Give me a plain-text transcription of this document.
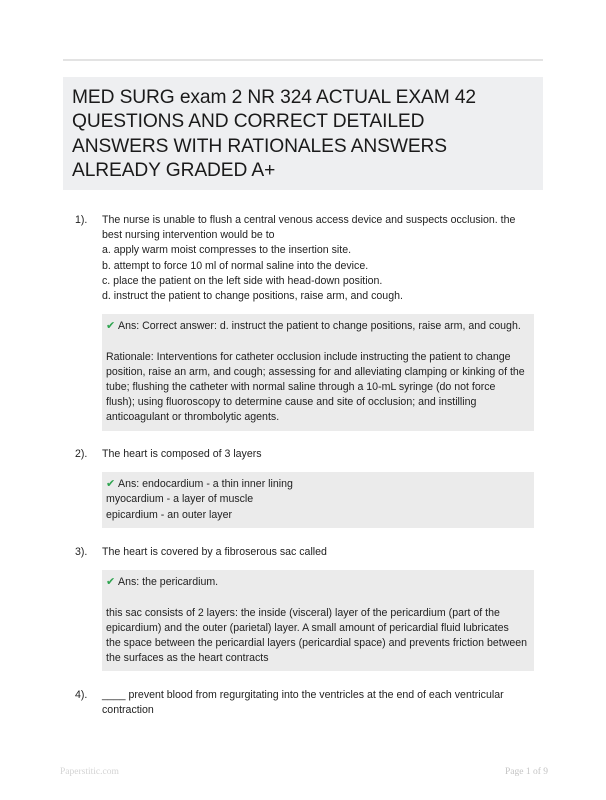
MED SURG exam 2 NR 324 ACTUAL EXAM 42
QUESTIONS AND CORRECT DETAILED
ANSWERS WITH RATIONALES ANSWERS
ALREADY GRADED A+
1). The nurse is unable to flush a central venous access device and suspects occlusion. the
best nursing intervention would be to
a. apply warm moist compresses to the insertion site.
b. attempt to force 10 ml of normal saline into the device.
c. place the patient on the left side with head-down position.
d. instruct the patient to change positions, raise arm, and cough.
✔ Ans: Correct answer: d. instruct the patient to change positions, raise arm, and cough.
Rationale: Interventions for catheter occlusion include instructing the patient to change
position, raise an arm, and cough; assessing for and alleviating clamping or kinking of the
tube; flushing the catheter with normal saline through a 10-mL syringe (do not force
flush); using fluoroscopy to determine cause and site of occlusion; and instilling
anticoagulant or thrombolytic agents.
2). The heart is composed of 3 layers
✔ Ans: endocardium - a thin inner lining
myocardium - a layer of muscle
epicardium - an outer layer
3). The heart is covered by a fibroserous sac called
✔ Ans: the pericardium.
this sac consists of 2 layers: the inside (visceral) layer of the pericardium (part of the
epicardium) and the outer (parietal) layer. A small amount of pericardial fluid lubricates
the space between the pericardial layers (pericardial space) and prevents friction between
the surfaces as the heart contracts
4). ____ prevent blood from regurgitating into the ventricles at the end of each ventricular
contraction
Paperstitic.com	Page 1 of 9
